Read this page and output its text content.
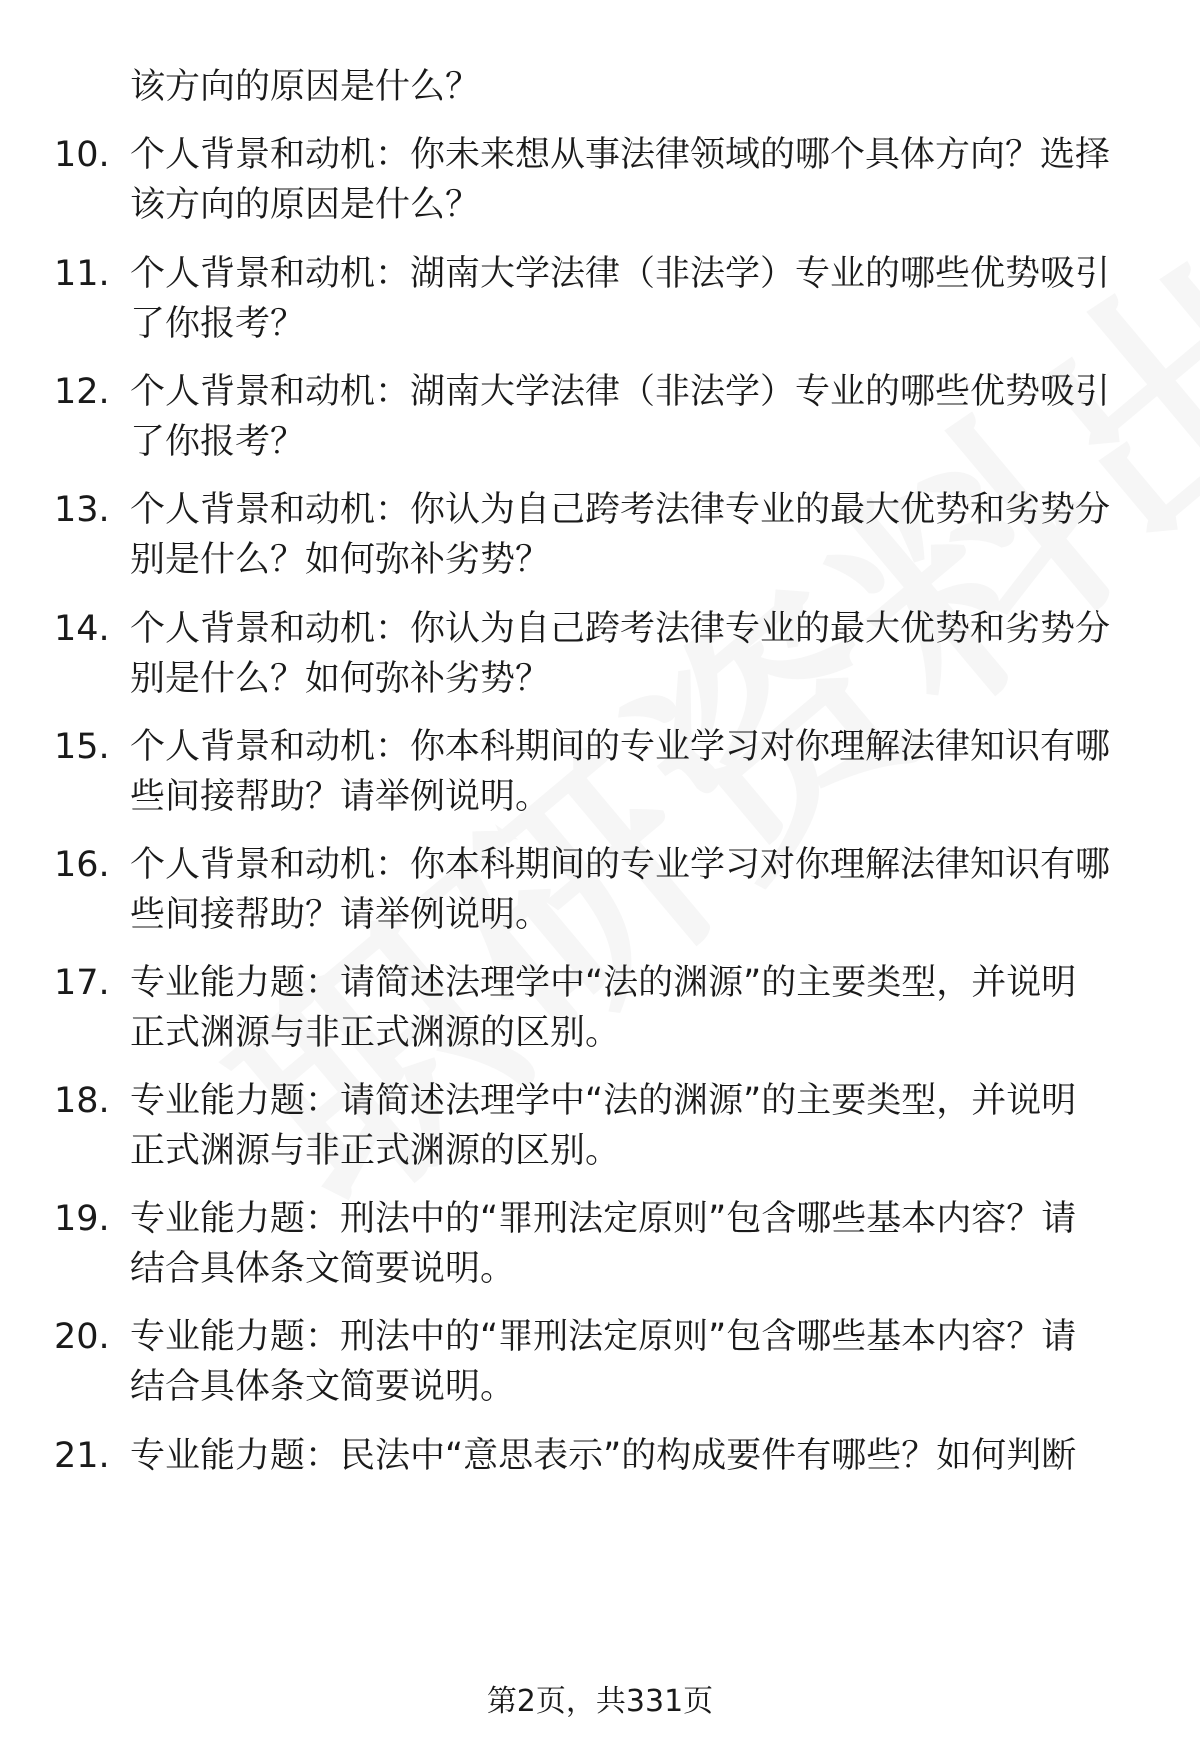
该方向的原因是什么？
10. 个人背景和动机：你未来想从事法律领域的哪个具体方向？选择
该方向的原因是什么？
11. 个人背景和动机：湖南大学法律（非法学）专业的哪些优势吸引
了你报考？
12. 个人背景和动机：湖南大学法律（非法学）专业的哪些优势吸引
了你报考？
13. 个人背景和动机：你认为自己跨考法律专业的最大优势和劣势分
别是什么？如何弥补劣势？
14. 个人背景和动机：你认为自己跨考法律专业的最大优势和劣势分
别是什么？如何弥补劣势？
15. 个人背景和动机：你本科期间的专业学习对你理解法律知识有哪
些间接帮助？请举例说明。
16. 个人背景和动机：你本科期间的专业学习对你理解法律知识有哪
些间接帮助？请举例说明。
17. 专业能力题：请简述法理学中“法的渊源”的主要类型，并说明
正式渊源与非正式渊源的区别。
18. 专业能力题：请简述法理学中“法的渊源”的主要类型，并说明
正式渊源与非正式渊源的区别。
19. 专业能力题：刑法中的“罪刑法定原则”包含哪些基本内容？请
结合具体条文简要说明。
20. 专业能力题：刑法中的“罪刑法定原则”包含哪些基本内容？请
结合具体条文简要说明。
21. 专业能力题：民法中“意思表示”的构成要件有哪些？如何判断
第2页，共331页
